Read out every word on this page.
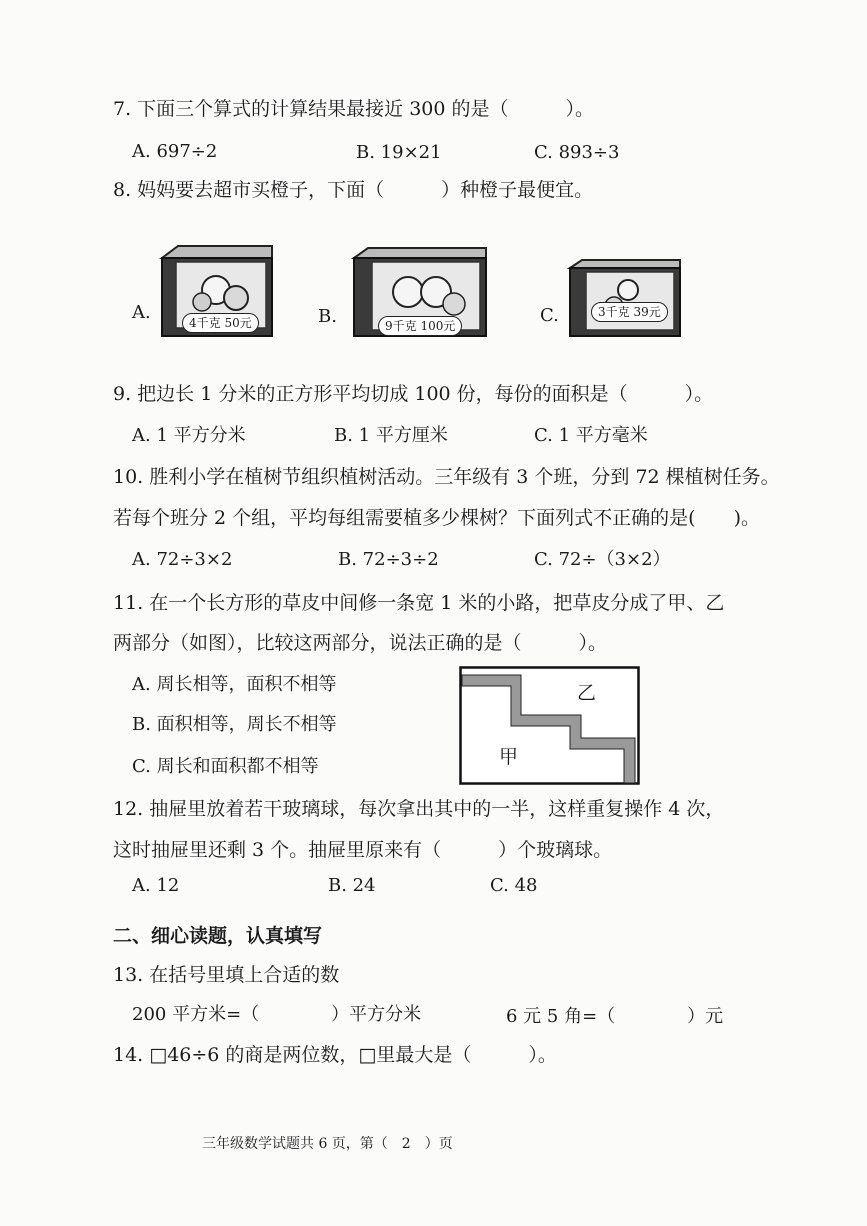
7. 下面三个算式的计算结果最接近 300 的是（　　　）。
A. 697÷2	B. 19×21	C. 893÷3
8. 妈妈要去超市买橙子，下面（　　　）种橙子最便宜。
A.	4千克 50元	B.	9千克 100元	C.	3千克 39元
9. 把边长 1 分米的正方形平均切成 100 份，每份的面积是（　　　）。
A. 1 平方分米	B. 1 平方厘米	C. 1 平方毫米
10. 胜利小学在植树节组织植树活动。三年级有 3 个班，分到 72 棵植树任务。
若每个班分 2 个组，平均每组需要植多少棵树？下面列式不正确的是(　　)。
A. 72÷3×2	B. 72÷3÷2	C. 72÷（3×2）
11. 在一个长方形的草皮中间修一条宽 1 米的小路，把草皮分成了甲、乙
两部分（如图），比较这两部分，说法正确的是（　　　）。
A. 周长相等，面积不相等
B. 面积相等，周长不相等
C. 周长和面积都不相等
乙
甲
12. 抽屉里放着若干玻璃球，每次拿出其中的一半，这样重复操作 4 次，
这时抽屉里还剩 3 个。抽屉里原来有（　　　）个玻璃球。
A. 12	B. 24	C. 48
二、细心读题，认真填写
13. 在括号里填上合适的数
200 平方米=（　　　　）平方分米	6 元 5 角=（　　　　）元
14. □46÷6 的商是两位数，□里最大是（　　　）。
三年级数学试题共 6 页，第（　2　）页
